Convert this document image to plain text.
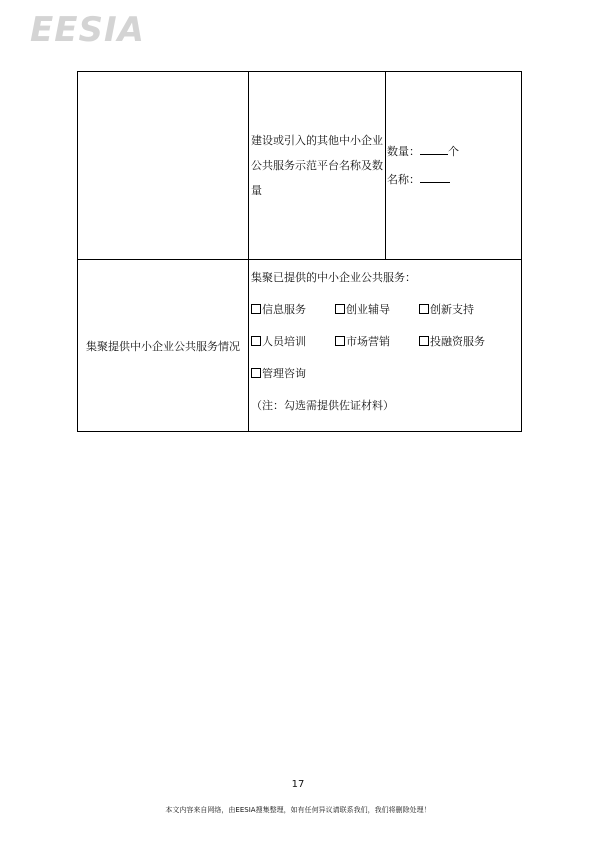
EESIA
	建设或引入的其他中小企业公共服务示范平台名称及数量	数量： 个
名称：

集聚提供中小企业公共服务情况	集聚已提供的中小企业公共服务：
信息服务 创业辅导 创新支持
人员培训 市场营销 投融资服务
管理咨询
（注：勾选需提供佐证材料）	
17
本文内容来自网络，由EESIA搜集整理，如有任何异议请联系我们，我们将删除处理！
